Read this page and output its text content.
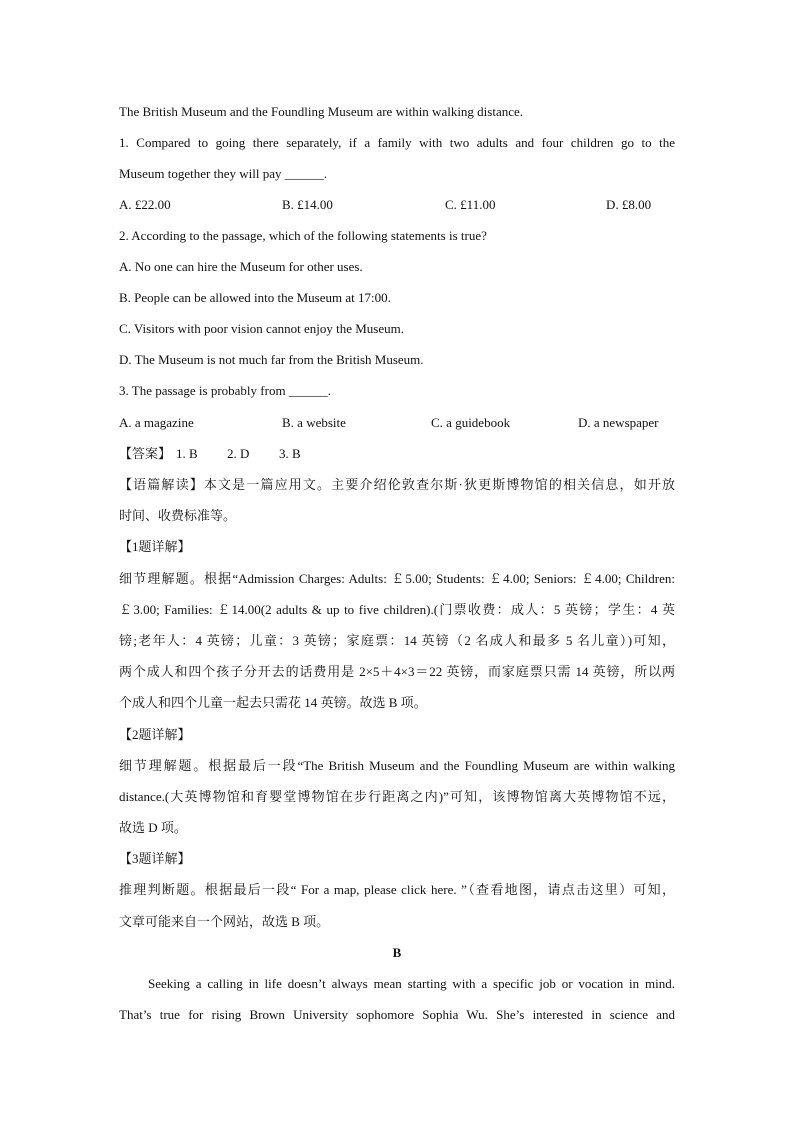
The British Museum and the Foundling Museum are within walking distance.
1. Compared to going there separately, if a family with two adults and four children go to the
Museum together they will pay ______.
A. £22.00	B. £14.00	C. £11.00	D. £8.00
2. According to the passage, which of the following statements is true?
A. No one can hire the Museum for other uses.
B. People can be allowed into the Museum at 17:00.
C. Visitors with poor vision cannot enjoy the Museum.
D. The Museum is not much far from the British Museum.
3. The passage is probably from ______.
A. a magazine	B. a website	C. a guidebook	D. a newspaper
【答案】 1. B 2. D 3. B
【语篇解读】本文是一篇应用文。主要介绍伦敦查尔斯·狄更斯博物馆的相关信息，如开放
时间、收费标准等。
【1题详解】
细节理解题。根据“Admission Charges: Adults: ￡5.00; Students: ￡4.00; Seniors: ￡4.00; Children:
￡3.00; Families: ￡14.00(2 adults & up to five children).(门票收费：成人：5 英镑；学生：4 英
镑;老年人：4 英镑；儿童：3 英镑；家庭票：14 英镑（2 名成人和最多 5 名儿童）)可知，
两个成人和四个孩子分开去的话费用是 2×5＋4×3＝22 英镑，而家庭票只需 14 英镑，所以两
个成人和四个儿童一起去只需花 14 英镑。故选 B 项。
【2题详解】
细节理解题。根据最后一段“The British Museum and the Foundling Museum are within walking
distance.(大英博物馆和育婴堂博物馆在步行距离之内)”可知，该博物馆离大英博物馆不远，
故选 D 项。
【3题详解】
推理判断题。根据最后一段“ For a map, please click here. ”（查看地图，请点击这里）可知，
文章可能来自一个网站，故选 B 项。
B
Seeking a calling in life doesn’t always mean starting with a specific job or vocation in mind.
That’s true for rising Brown University sophomore Sophia Wu. She’s interested in science and
